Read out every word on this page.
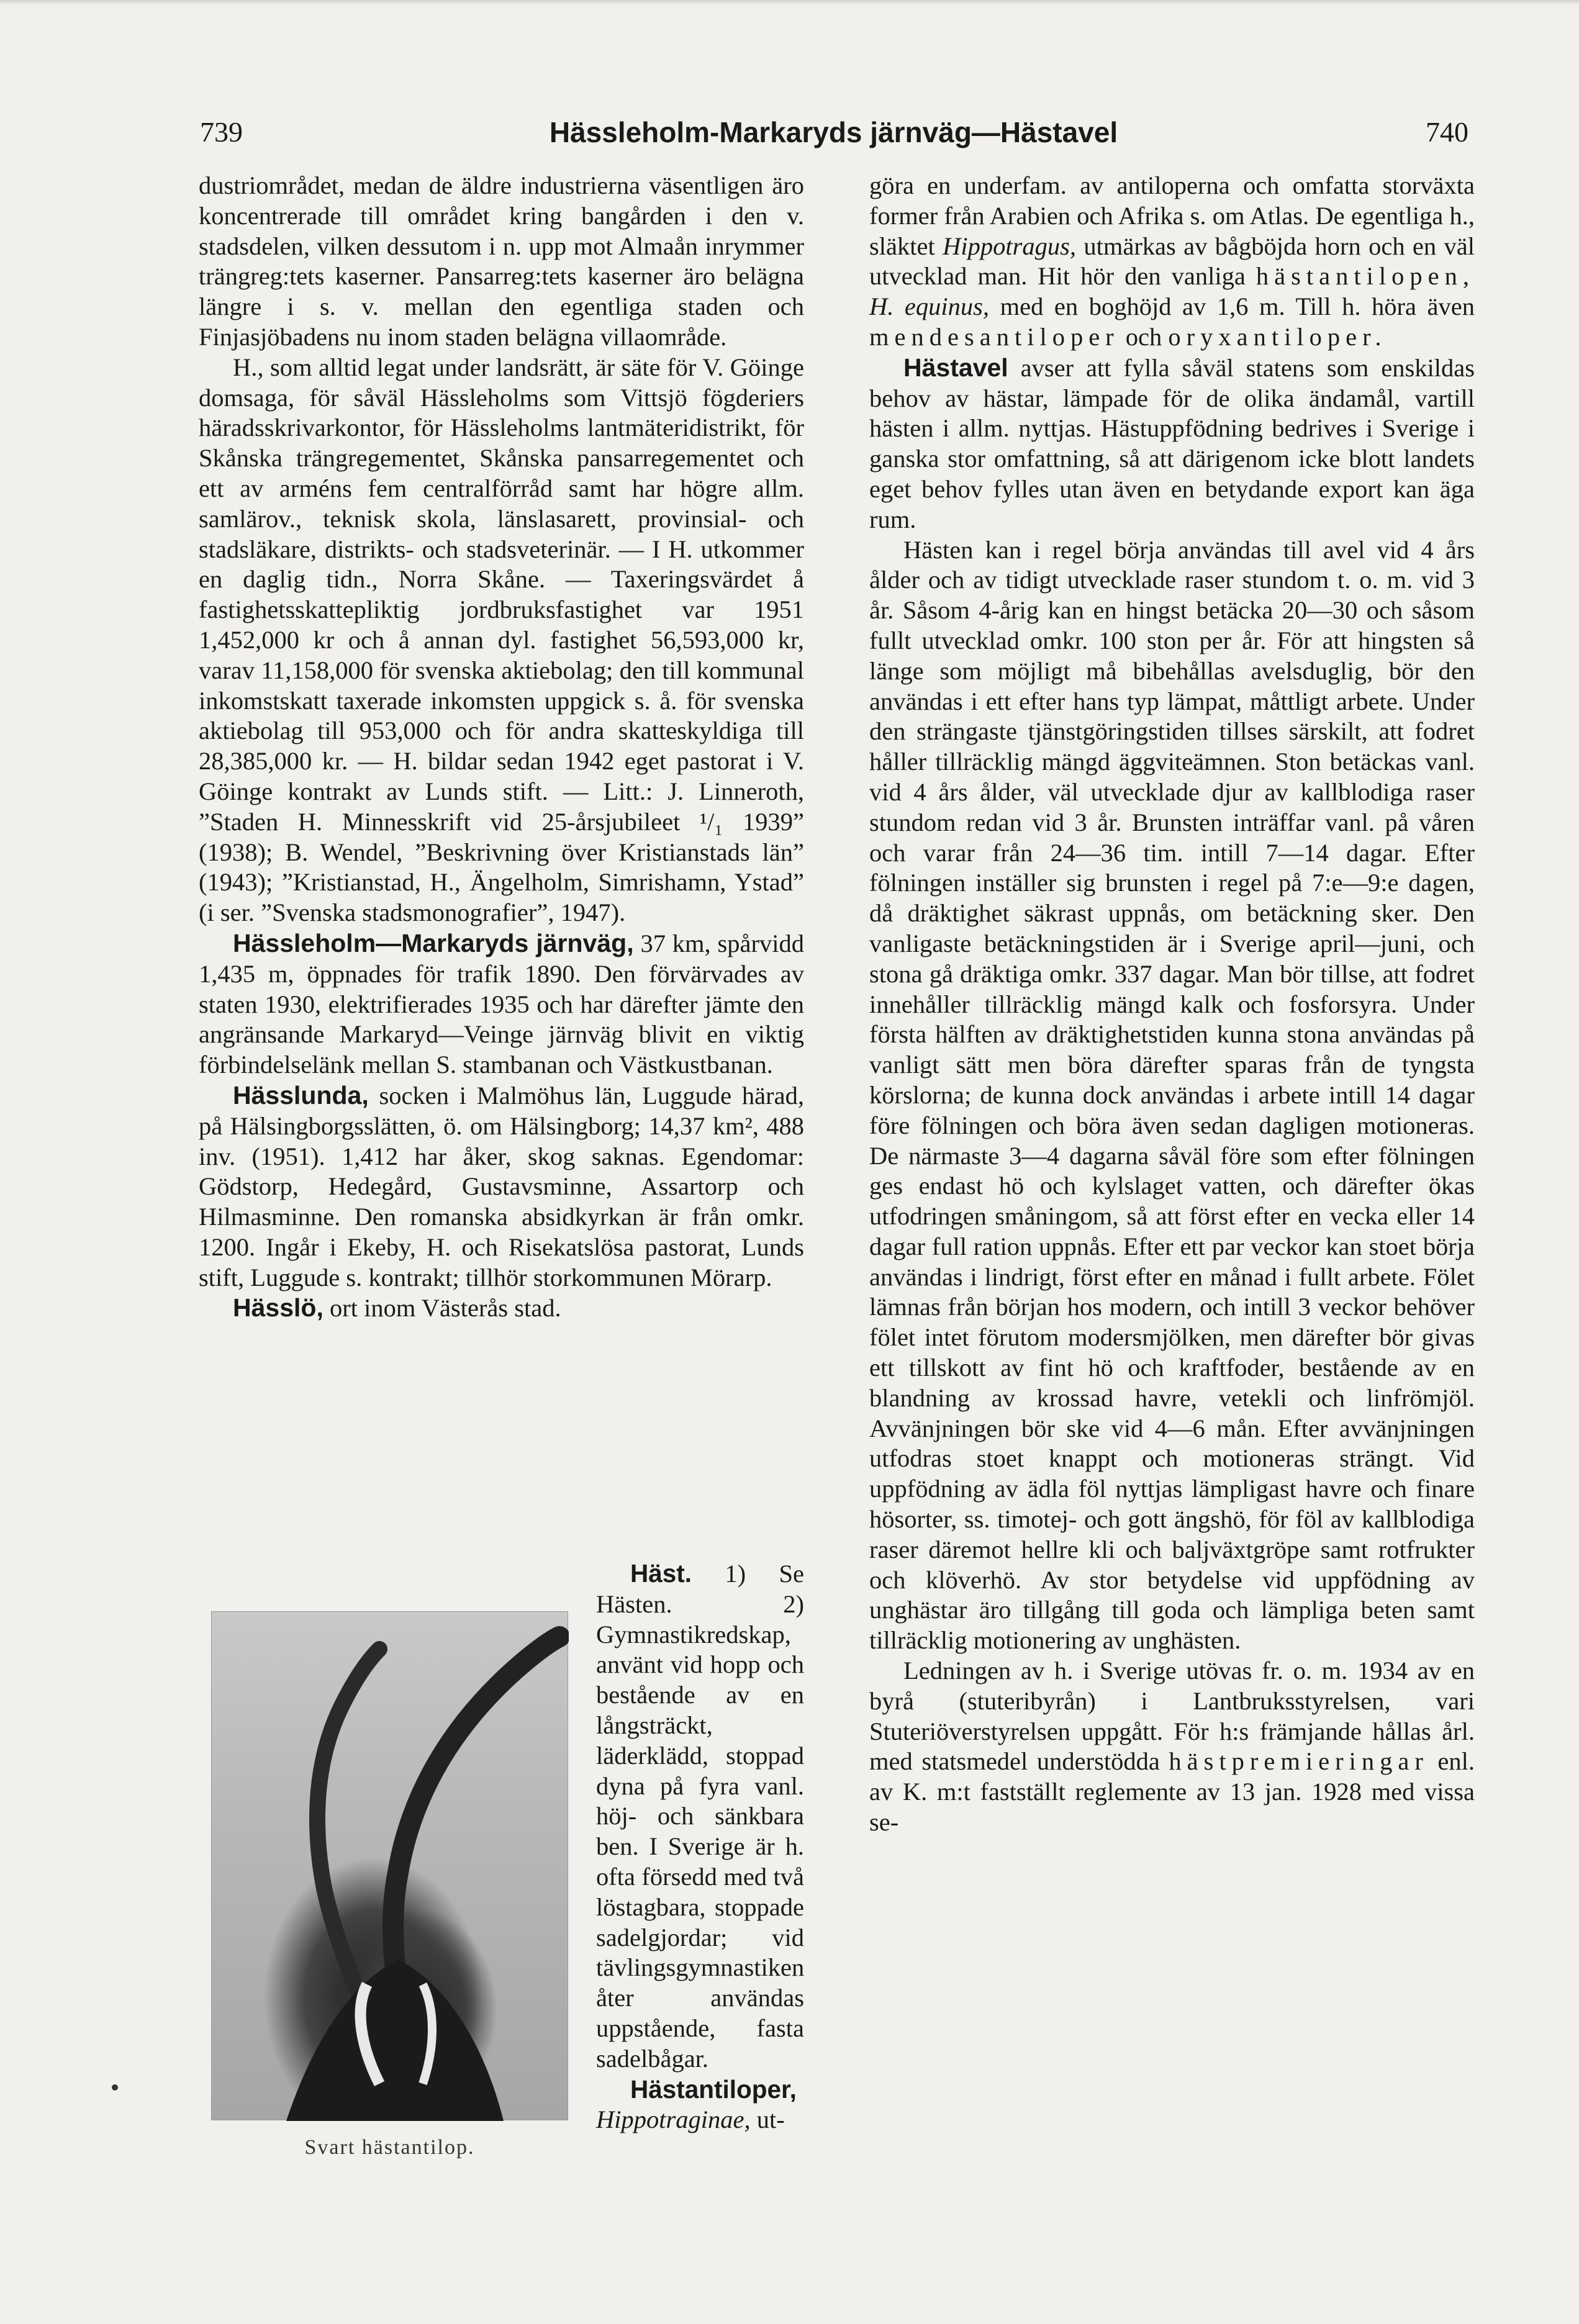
739	Hässleholm-Markaryds järnväg—Hästavel	740

dustriområdet, medan de äldre industrierna väsentligen äro koncentrerade till området kring bangården i den v. stadsdelen, vilken dessutom i n. upp mot Almaån inrymmer trängreg:tets kaserner. Pansarreg:tets kaserner äro belägna längre i s. v. mellan den egentliga staden och Finjasjöbadens nu inom staden belägna villaområde.

H., som alltid legat under landsrätt, är säte för V. Göinge domsaga, för såväl Hässleholms som Vittsjö fögderiers häradsskrivarkontor, för Hässleholms lantmäteridistrikt, för Skånska trängregementet, Skånska pansarregementet och ett av arméns fem centralförråd samt har högre allm. samlärov., teknisk skola, länslasarett, provinsial- och stadsläkare, distrikts- och stadsveterinär. — I H. utkommer en daglig tidn., Norra Skåne. — Taxeringsvärdet å fastighetsskattepliktig jordbruksfastighet var 1951 1,452,000 kr och å annan dyl. fastighet 56,593,000 kr, varav 11,158,000 för svenska aktiebolag; den till kommunal inkomstskatt taxerade inkomsten uppgick s. å. för svenska aktiebolag till 953,000 och för andra skatteskyldiga till 28,385,000 kr. — H. bildar sedan 1942 eget pastorat i V. Göinge kontrakt av Lunds stift. — Litt.: J. Linneroth, ”Staden H. Minnesskrift vid 25-årsjubileet ¹/₁ 1939” (1938); B. Wendel, ”Beskrivning över Kristianstads län” (1943); ”Kristianstad, H., Ängelholm, Simrishamn, Ystad” (i ser. ”Svenska stadsmonografier”, 1947).

Hässleholm—Markaryds järnväg, 37 km, spårvidd 1,435 m, öppnades för trafik 1890. Den förvärvades av staten 1930, elektrifierades 1935 och har därefter jämte den angränsande Markaryd—Veinge järnväg blivit en viktig förbindelselänk mellan S. stambanan och Västkustbanan.

Hässlunda, socken i Malmöhus län, Luggude härad, på Hälsingborgsslätten, ö. om Hälsingborg; 14,37 km², 488 inv. (1951). 1,412 har åker, skog saknas. Egendomar: Gödstorp, Hedegård, Gustavsminne, Assartorp och Hilmasminne. Den romanska absidkyrkan är från omkr. 1200. Ingår i Ekeby, H. och Risekatslösa pastorat, Lunds stift, Luggude s. kontrakt; tillhör storkommunen Mörarp.

Hässlö, ort inom Västerås stad.

Svart hästantilop.

Häst. 1) Se Hästen. 2) Gymnastikredskap, använt vid hopp och bestående av en långsträckt, läderklädd, stoppad dyna på fyra vanl. höj- och sänkbara ben. I Sverige är h. ofta försedd med två löstagbara, stoppade sadelgjordar; vid tävlingsgymnastiken åter användas uppstående, fasta sadelbågar.

Hästantiloper, Hippotraginae, ut-

göra en underfam. av antiloperna och omfatta storväxta former från Arabien och Afrika s. om Atlas. De egentliga h., släktet Hippotragus, utmärkas av bågböjda horn och en väl utvecklad man. Hit hör den vanliga hästantilopen, H. equinus, med en boghöjd av 1,6 m. Till h. höra även mendesantiloper och oryxantiloper.

Hästavel avser att fylla såväl statens som enskildas behov av hästar, lämpade för de olika ändamål, vartill hästen i allm. nyttjas. Hästuppfödning bedrives i Sverige i ganska stor omfattning, så att därigenom icke blott landets eget behov fylles utan även en betydande export kan äga rum.

Hästen kan i regel börja användas till avel vid 4 års ålder och av tidigt utvecklade raser stundom t. o. m. vid 3 år. Såsom 4-årig kan en hingst betäcka 20—30 och såsom fullt utvecklad omkr. 100 ston per år. För att hingsten så länge som möjligt må bibehållas avelsduglig, bör den användas i ett efter hans typ lämpat, måttligt arbete. Under den strängaste tjänstgöringstiden tillses särskilt, att fodret håller tillräcklig mängd äggviteämnen. Ston betäckas vanl. vid 4 års ålder, väl utvecklade djur av kallblodiga raser stundom redan vid 3 år. Brunsten inträffar vanl. på våren och varar från 24—36 tim. intill 7—14 dagar. Efter fölningen inställer sig brunsten i regel på 7:e—9:e dagen, då dräktighet säkrast uppnås, om betäckning sker. Den vanligaste betäckningstiden är i Sverige april—juni, och stona gå dräktiga omkr. 337 dagar. Man bör tillse, att fodret innehåller tillräcklig mängd kalk och fosforsyra. Under första hälften av dräktighetstiden kunna stona användas på vanligt sätt men böra därefter sparas från de tyngsta körslorna; de kunna dock användas i arbete intill 14 dagar före fölningen och böra även sedan dagligen motioneras. De närmaste 3—4 dagarna såväl före som efter fölningen ges endast hö och kylslaget vatten, och därefter ökas utfodringen småningom, så att först efter en vecka eller 14 dagar full ration uppnås. Efter ett par veckor kan stoet börja användas i lindrigt, först efter en månad i fullt arbete. Fölet lämnas från början hos modern, och intill 3 veckor behöver fölet intet förutom modersmjölken, men därefter bör givas ett tillskott av fint hö och kraftfoder, bestående av en blandning av krossad havre, vetekli och linfrömjöl. Avvänjningen bör ske vid 4—6 mån. Efter avvänjningen utfodras stoet knappt och motioneras strängt. Vid uppfödning av ädla föl nyttjas lämpligast havre och finare hösorter, ss. timotej- och gott ängshö, för föl av kallblodiga raser däremot hellre kli och baljväxtgröpe samt rotfrukter och klöverhö. Av stor betydelse vid uppfödning av unghästar äro tillgång till goda och lämpliga beten samt tillräcklig motionering av unghästen.

Ledningen av h. i Sverige utövas fr. o. m. 1934 av en byrå (stuteribyrån) i Lantbruksstyrelsen, vari Stuteriöverstyrelsen uppgått. För h:s främjande hållas årl. med statsmedel understödda hästpremieringar enl. av K. m:t fastställt reglemente av 13 jan. 1928 med vissa se-
